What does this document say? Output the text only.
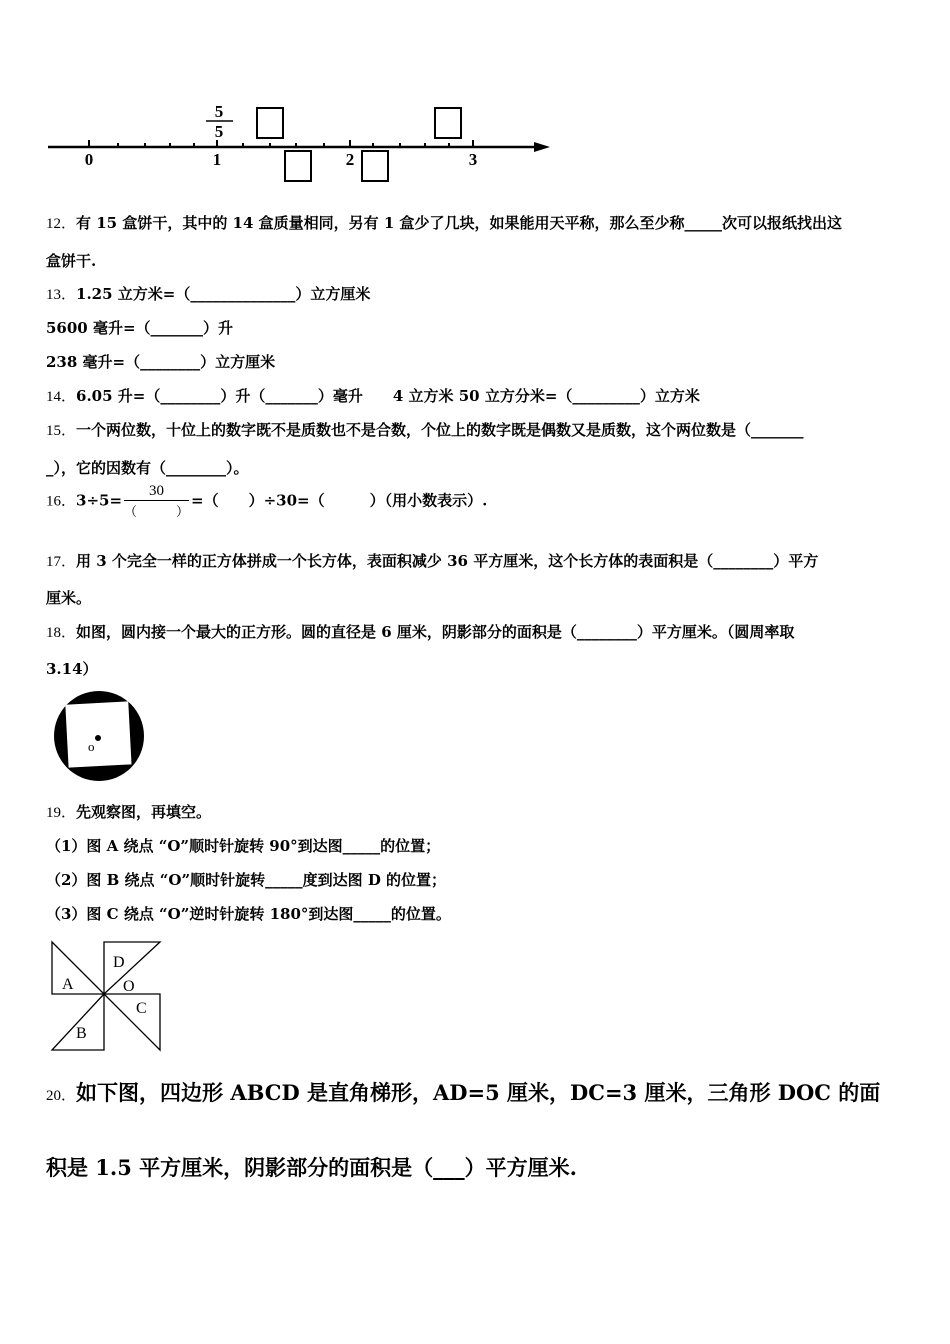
0	1	2	3
5
5
12．有 15 盒饼干，其中的 14 盒质量相同，另有 1 盒少了几块，如果能用天平称，那么至少称_____次可以报纸找出这
盒饼干.
13．1.25 立方米=（______________）立方厘米
5600 毫升=（_______）升
238 毫升=（________）立方厘米
14．6.05 升=（________）升（_______）毫升　　4 立方米 50 立方分米=（_________）立方米
15．一个两位数，十位上的数字既不是质数也不是合数，个位上的数字既是偶数又是质数，这个两位数是（_______
_），它的因数有（________）。
16．$3\div 5= \frac{30}{( )}$ =（　　）÷30=（　　　）（用小数表示）.
17．用 3 个完全一样的正方体拼成一个长方体，表面积减少 36 平方厘米，这个长方体的表面积是（________）平方
厘米。
18．如图，圆内接一个最大的正方形。圆的直径是 6 厘米，阴影部分的面积是（________）平方厘米。（圆周率取
3.14）
o
19．先观察图，再填空。
（1）图 A 绕点 “O”顺时针旋转 90°到达图_____的位置；
（2）图 B 绕点 “O”顺时针旋转_____度到达图 D 的位置；
（3）图 C 绕点 “O”逆时针旋转 180°到达图_____的位置。
A
D
O
C
B
20．如下图，四边形 ABCD 是直角梯形，AD=5 厘米，DC=3 厘米，三角形 DOC 的面
积是 1.5 平方厘米，阴影部分的面积是（___）平方厘米.
